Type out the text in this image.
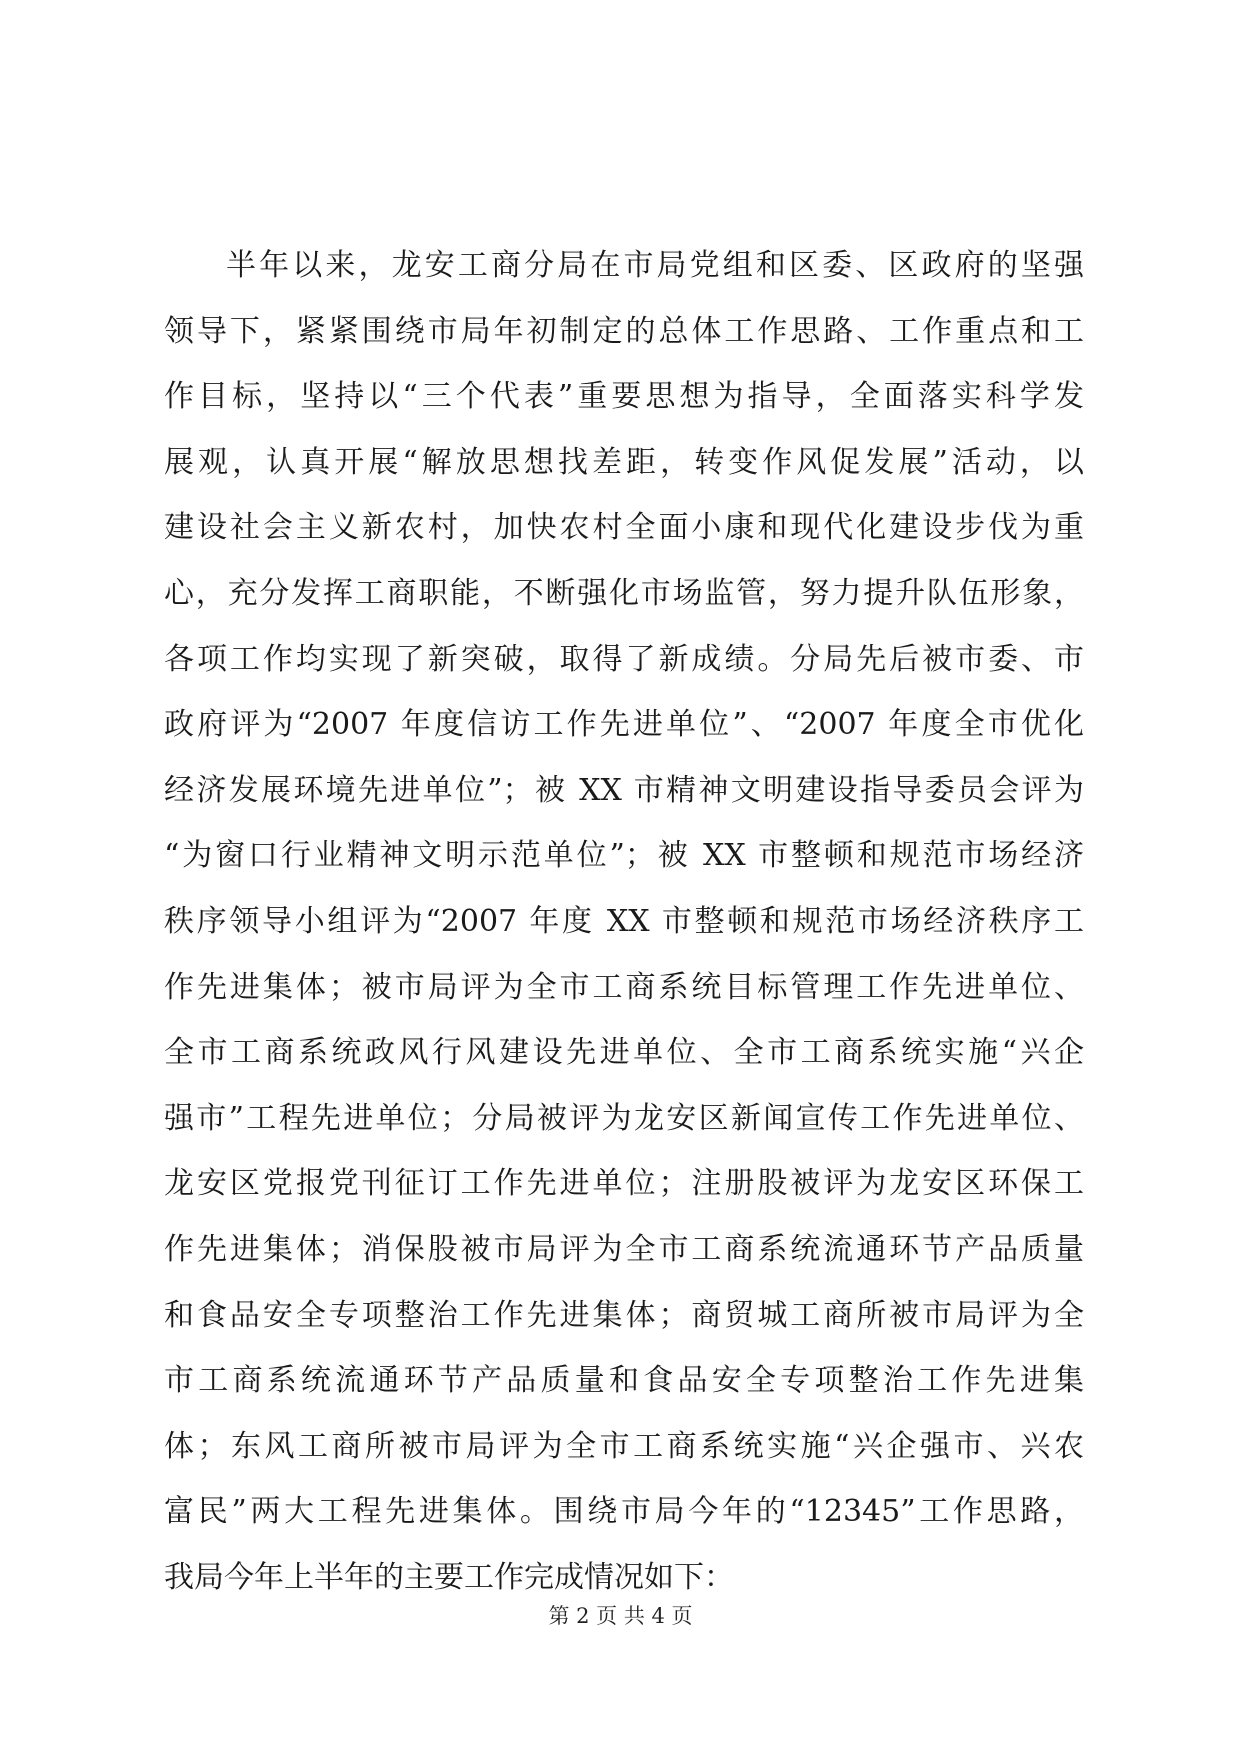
半年以来，龙安工商分局在市局党组和区委、区政府的坚强
领导下，紧紧围绕市局年初制定的总体工作思路、工作重点和工
作目标，坚持以“三个代表”重要思想为指导，全面落实科学发
展观，认真开展“解放思想找差距，转变作风促发展”活动，以
建设社会主义新农村，加快农村全面小康和现代化建设步伐为重
心，充分发挥工商职能，不断强化市场监管，努力提升队伍形象，
各项工作均实现了新突破，取得了新成绩。分局先后被市委、市
政府评为“2007 年度信访工作先进单位”、“2007 年度全市优化
经济发展环境先进单位”；被 XX 市精神文明建设指导委员会评为
“为窗口行业精神文明示范单位”；被 XX 市整顿和规范市场经济
秩序领导小组评为“2007 年度 XX 市整顿和规范市场经济秩序工
作先进集体；被市局评为全市工商系统目标管理工作先进单位、
全市工商系统政风行风建设先进单位、全市工商系统实施“兴企
强市”工程先进单位；分局被评为龙安区新闻宣传工作先进单位、
龙安区党报党刊征订工作先进单位；注册股被评为龙安区环保工
作先进集体；消保股被市局评为全市工商系统流通环节产品质量
和食品安全专项整治工作先进集体；商贸城工商所被市局评为全
市工商系统流通环节产品质量和食品安全专项整治工作先进集
体；东风工商所被市局评为全市工商系统实施“兴企强市、兴农
富民”两大工程先进集体。围绕市局今年的“12345”工作思路，
我局今年上半年的主要工作完成情况如下：
第 2 页 共 4 页
